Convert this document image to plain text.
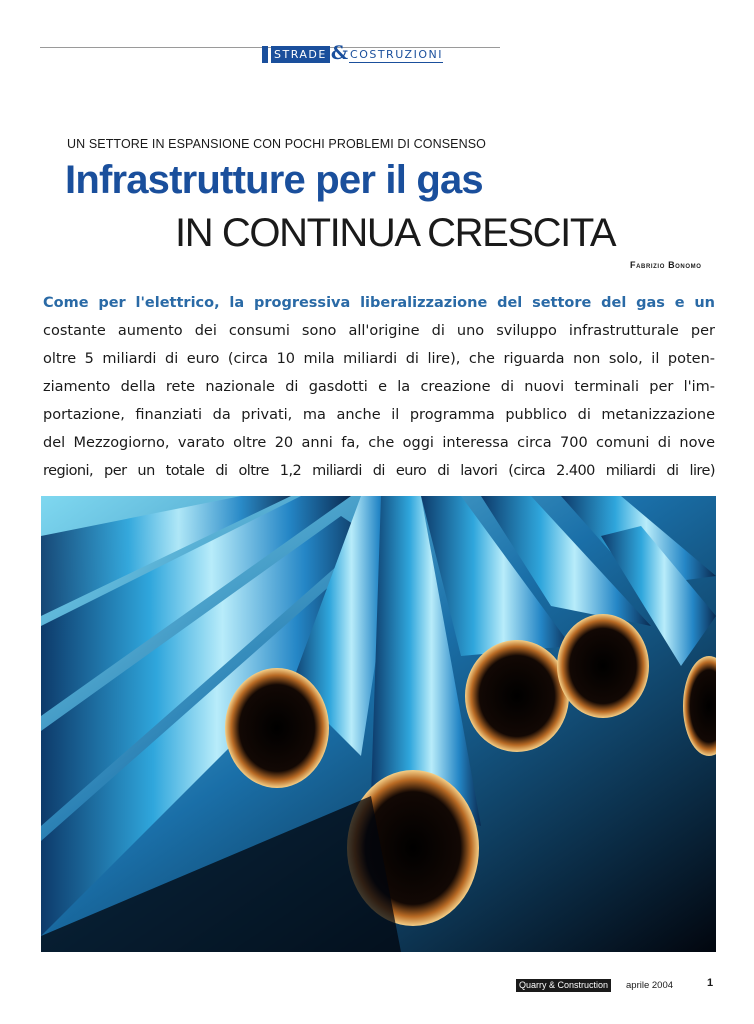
STRADE & COSTRUZIONI
UN SETTORE IN ESPANSIONE CON POCHI PROBLEMI DI CONSENSO
Infrastrutture per il gas
IN CONTINUA CRESCITA
Fabrizio Bonomo

Come per l'elettrico, la progressiva liberalizzazione del settore del gas e un
costante aumento dei consumi sono all'origine di uno sviluppo infrastrutturale per
oltre 5 miliardi di euro (circa 10 mila miliardi di lire), che riguarda non solo, il poten-
ziamento della rete nazionale di gasdotti e la creazione di nuovi terminali per l'im-
portazione, finanziati da privati, ma anche il programma pubblico di metanizzazione
del Mezzogiorno, varato oltre 20 anni fa, che oggi interessa circa 700 comuni di nove
regioni, per un totale di oltre 1,2 miliardi di euro di lavori (circa 2.400 miliardi di lire)

Quarry & Construction	aprile 2004	1
